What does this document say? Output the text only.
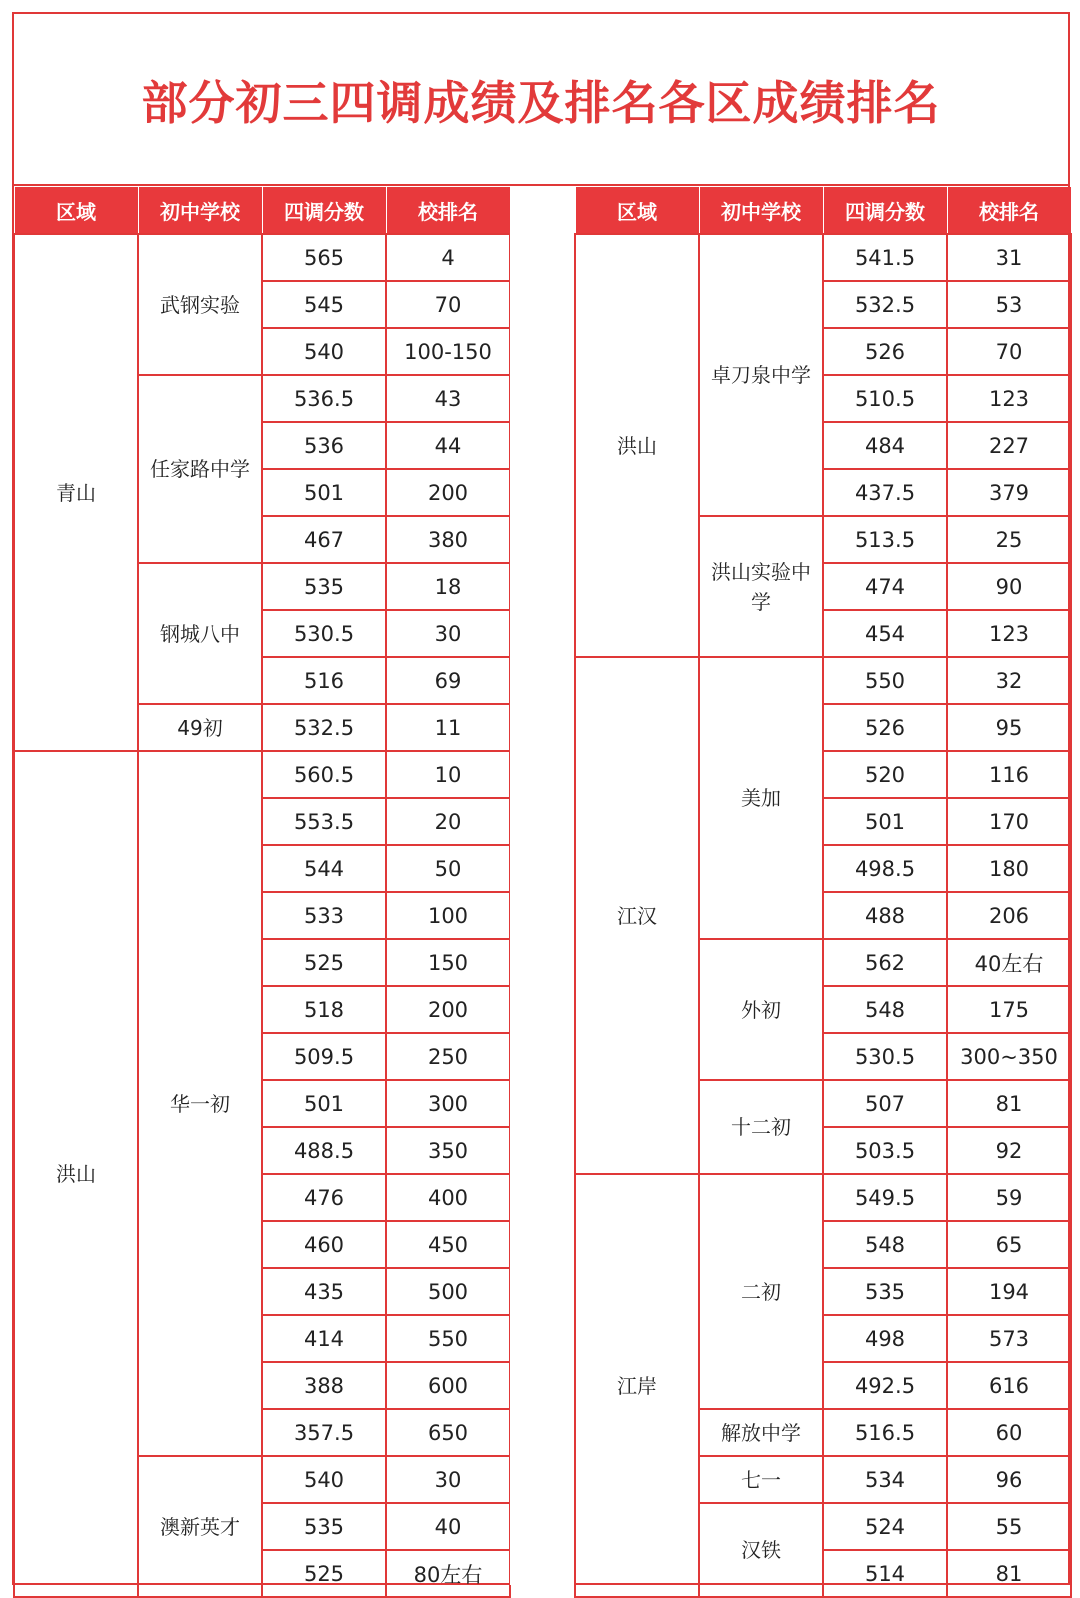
部分初三四调成绩及排名各区成绩排名
区域	初中学校	四调分数	校排名
青山	武钢实验	565	4
		545	70
		540	100-150
	任家路中学	536.5	43
		536	44
		501	200
		467	380
	钢城八中	535	18
		530.5	30
		516	69
	49初	532.5	11
洪山	华一初	560.5	10
		553.5	20
		544	50
		533	100
		525	150
		518	200
		509.5	250
		501	300
		488.5	350
		476	400
		460	450
		435	500
		414	550
		388	600
		357.5	650
	澳新英才	540	30
		535	40
		525	80左右
区域	初中学校	四调分数	校排名
洪山	卓刀泉中学	541.5	31
		532.5	53
		526	70
		510.5	123
		484	227
		437.5	379
	洪山实验中学	513.5	25
		474	90
		454	123
江汉	美加	550	32
		526	95
		520	116
		501	170
		498.5	180
		488	206
	外初	562	40左右
		548	175
		530.5	300~350
	十二初	507	81
		503.5	92
江岸	二初	549.5	59
		548	65
		535	194
		498	573
		492.5	616
	解放中学	516.5	60
	七一	534	96
	汉铁	524	55
		514	81
